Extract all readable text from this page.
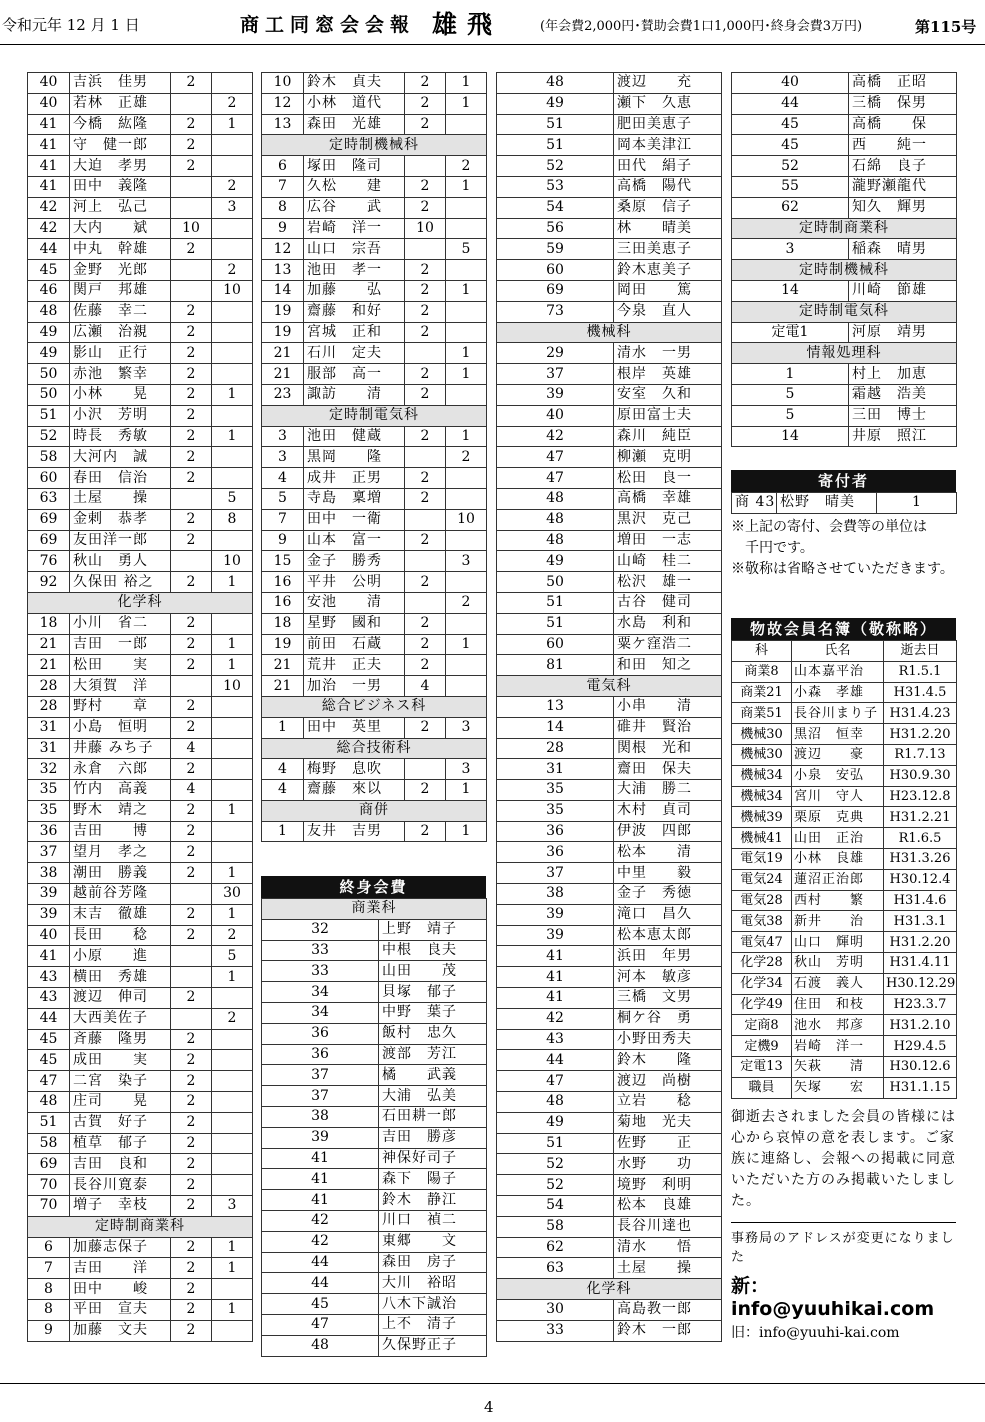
令和元年 12 月 1 日	商工同窓会会報 雄飛	(年会費2,000円･賛助会費1口1,000円･終身会費3万円)	第115号
40	吉浜　佳男	2	
40	若林　正雄		2
41	今橋　紘隆	2	1
41	守　健一郎	2	
41	大迫　孝男	2	
41	田中　義隆		2
42	河上　弘己		3
42	大内　　斌	10	
44	中丸　幹雄	2	
45	金野　光郎		2
46	関戸　邦雄		10
48	佐藤　幸二	2	
49	広瀬　治親	2	
49	影山　正行	2	
50	赤池　繁幸	2	
50	小林　　晃	2	1
51	小沢　芳明	2	
52	時長　秀敏	2	1
58	大河内　誠	2	
60	春田　信治	2	
63	土屋　　操		5
69	金剌　恭孝	2	8
69	友田洋一郎	2	
76	秋山　勇人		10
92	久保田 裕之	2	1
化学科			
18	小川　省二	2	
21	吉田　一郎	2	1
21	松田　　実	2	1
28	大須賀　洋		10
28	野村　　章	2	
31	小島　恒明	2	
31	井藤 みち子	4	
32	永倉　六郎	2	
35	竹内　高義	4	
35	野木　靖之	2	1
36	吉田　　博	2	
37	望月　孝之	2	
38	潮田　勝義	2	1
39	越前谷芳隆		30
39	末吉　徹雄	2	1
40	長田　　稔	2	2
41	小原　　進		5
43	横田　秀雄		1
43	渡辺　伸司	2	
44	大西美佐子		2
45	斉藤　隆男	2	
45	成田　　実	2	
47	二宮　染子	2	
48	庄司　　晃	2	
51	古賀　好子	2	
58	植草　郁子	2	
69	吉田　良和	2	
70	長谷川寛泰	2	
70	増子　幸枝	2	3
定時制商業科			
6	加藤志保子	2	1
7	吉田　　洋	2	1
8	田中　　峻	2	
8	平田　宣夫	2	1
9	加藤　文夫	2	
10	鈴木　貞夫	2	1
12	小林　道代	2	1
13	森田　光雄	2	
定時制機械科			
6	塚田　隆司		2
7	久松　　建	2	1
8	広谷　　武	2	
9	岩崎　洋一	10	
12	山口　宗吾		5
13	池田　孝一	2	
14	加藤　　弘	2	1
19	齋藤　和好	2	
19	宮城　正和	2	
21	石川　定夫		1
21	服部　高一	2	1
23	諏訪　　清	2	
定時制電気科			
3	池田　健蔵	2	1
3	黒岡　　隆		2
4	成井　正男	2	
5	寺島　稟増	2	
7	田中　一衛		10
9	山本　富一	2	
15	金子　勝秀		3
16	平井　公明	2	
16	安池　　清		2
18	星野　國和	2	
19	前田　石蔵	2	1
21	荒井　正夫	2	
21	加治　一男	4	
総合ビジネス科			
1	田中　英里	2	3
総合技術科			
4	梅野　息吹		3
4	齋藤　來以	2	1
商併			
1	友井　吉男	2	1
終身会費
商業科	
32	上野　靖子
33	中根　良夫
33	山田　　茂
34	貝塚　郁子
34	中野　葉子
36	飯村　忠久
36	渡部　芳江
37	橘　　武義
37	大浦　弘美
38	石田耕一郎
39	吉田　勝彦
41	神保好司子
41	森下　陽子
41	鈴木　静江
42	川口　禎二
42	東郷　　文
44	森田　房子
44	大川　裕昭
45	八木下誠治
47	上不　清子
48	久保野正子
48	渡辺　　充
49	瀬下　久恵
51	肥田美恵子
51	岡本美津江
52	田代　絹子
53	高橋　陽代
54	桑原　信子
56	林　　晴美
59	三田美恵子
60	鈴木恵美子
69	岡田　　篤
73	今泉　直人
機械科	
29	清水　一男
37	根岸　英雄
39	安室　久和
40	原田富士夫
42	森川　純臣
47	柳瀬　克明
47	松田　良一
48	高橋　幸雄
48	黒沢　克己
48	増田　一志
49	山崎　桂二
50	松沢　雄一
51	古谷　健司
51	水島　利和
60	粟ケ窪浩二
81	和田　知之
電気科	
13	小串　　清
14	碓井　賢治
28	関根　光和
31	齋田　保夫
35	大浦　勝二
35	木村　貞司
36	伊波　四郎
36	松本　　清
37	中里　　毅
38	金子　秀徳
39	滝口　昌久
39	松本恵太郎
41	浜田　年男
41	河本　敏彦
41	三橋　文男
42	桐ケ谷　勇
43	小野田秀夫
44	鈴木　　隆
47	渡辺　尚樹
48	立岩　　稔
49	菊地　光夫
51	佐野　　正
52	水野　　功
52	境野　利明
54	松本　良雄
58	長谷川達也
62	清水　　悟
63	土屋　　操
化学科	
30	高島教一郎
33	鈴木　一郎
40	高橋　正昭
44	三橋　保男
45	高橋　　保
45	西　　純一
52	石綿　良子
55	瀧野瀬龍代
62	知久　輝男
定時制商業科	
3	稲森　晴男
定時制機械科	
14	川崎　節雄
定時制電気科	
定電1	河原　靖男
情報処理科	
1	村上　加恵
5	霜越　浩美
5	三田　博士
14	井原　照江
寄付者
商 43	松野　晴美	1
※上記の寄付、会費等の単位は
　千円です。
※敬称は省略させていただきます。
物故会員名簿（敬称略）
科	氏名	逝去日
商業8	山本嘉平治	R1.5.1
商業21	小森　孝雄	H31.4.5
商業51	長谷川まり子	H31.4.23
機械30	黒沼　恒幸	H31.2.20
機械30	渡辺　　豪	R1.7.13
機械34	小泉　安弘	H30.9.30
機械34	宮川　守人	H23.12.8
機械39	栗原　克典	H31.2.21
機械41	山田　正治	R1.6.5
電気19	小林　良雄	H31.3.26
電気24	蓮沼正治郎	H30.12.4
電気28	西村　　繁	H31.4.6
電気38	新井　　治	H31.3.1
電気47	山口　輝明	H31.2.20
化学28	秋山　芳明	H31.4.11
化学34	石渡　義人	H30.12.29
化学49	住田　和枝	H23.3.7
定商8	池水　邦彦	H31.2.10
定機9	岩崎　洋一	H29.4.5
定電13	矢萩　　清	H30.12.6
職員	矢塚　　宏	H31.1.15
御逝去されました会員の皆様には心から哀悼の意を表します。ご家族に連絡し、会報への掲載に同意いただいた方のみ掲載いたしました。
事務局のアドレスが変更になりました
新：info@yuuhikai.com
旧：info@yuuhi-kai.com
4
